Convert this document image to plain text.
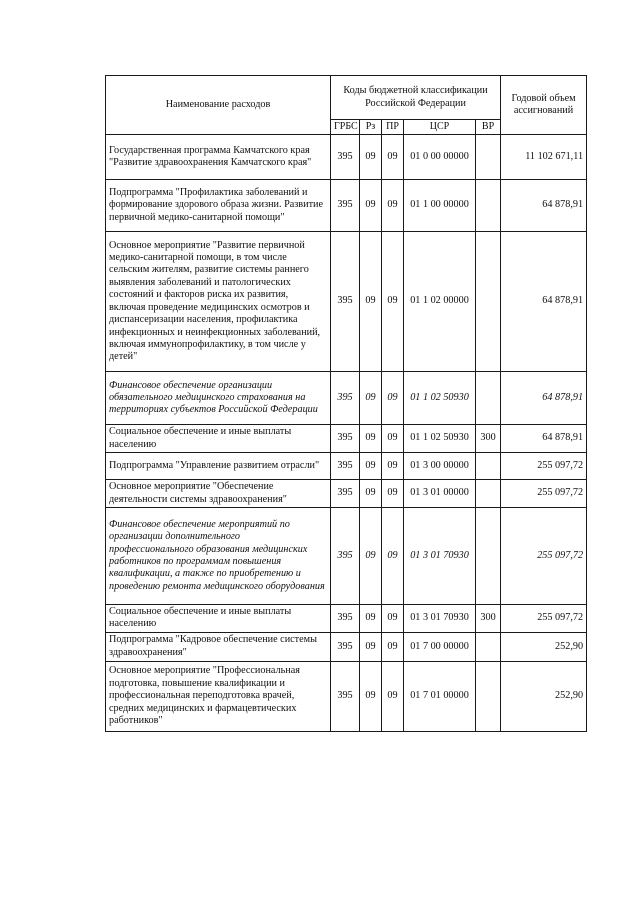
Наименование расходов	Коды бюджетной классификации Российской Федерации					Годовой объем ассигнований
	ГРБС	Рз	ПР	ЦСР	ВР	
Государственная программа Камчатского края "Развитие здравоохранения Камчатского края"	395	09	09	01 0 00 00000		11 102 671,11
Подпрограмма "Профилактика заболеваний и формирование здорового образа жизни. Развитие первичной медико-санитарной помощи"	395	09	09	01 1 00 00000		64 878,91
Основное мероприятие "Развитие первичной медико-санитарной помощи, в том числе сельским жителям, развитие системы раннего выявления заболеваний и патологических состояний и факторов риска их развития, включая проведение медицинских осмотров и диспансеризации населения, профилактика инфекционных и неинфекционных заболеваний, включая иммунопрофилактику, в том числе у детей"	395	09	09	01 1 02 00000		64 878,91
Финансовое обеспечение организации обязательного медицинского страхования на территориях субъектов Российской Федерации	395	09	09	01 1 02 50930		64 878,91
Социальное обеспечение и иные выплаты населению	395	09	09	01 1 02 50930	300	64 878,91
Подпрограмма "Управление развитием отрасли"	395	09	09	01 3 00 00000		255 097,72
Основное мероприятие "Обеспечение деятельности системы здравоохранения"	395	09	09	01 3 01 00000		255 097,72
Финансовое обеспечение мероприятий по организации дополнительного профессионального образования медицинских работников по программам повышения квалификации, а также по приобретению и проведению ремонта медицинского оборудования	395	09	09	01 3 01 70930		255 097,72
Социальное обеспечение и иные выплаты населению	395	09	09	01 3 01 70930	300	255 097,72
Подпрограмма "Кадровое обеспечение системы здравоохранения"	395	09	09	01 7 00 00000		252,90
Основное мероприятие "Профессиональная подготовка, повышение квалификации и профессиональная переподготовка врачей, средних медицинских и фармацевтических работников"	395	09	09	01 7 01 00000		252,90
